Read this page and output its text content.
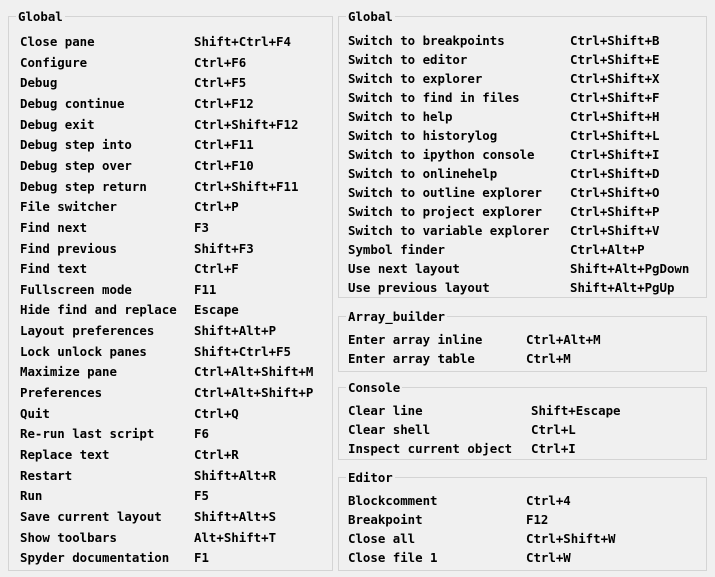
Global
Close pane	Shift+Ctrl+F4
Configure	Ctrl+F6
Debug	Ctrl+F5
Debug continue	Ctrl+F12
Debug exit	Ctrl+Shift+F12
Debug step into	Ctrl+F11
Debug step over	Ctrl+F10
Debug step return	Ctrl+Shift+F11
File switcher	Ctrl+P
Find next	F3
Find previous	Shift+F3
Find text	Ctrl+F
Fullscreen mode	F11
Hide find and replace Escape
Layout preferences	Shift+Alt+P
Lock unlock panes	Shift+Ctrl+F5
Maximize pane	Ctrl+Alt+Shift+M
Preferences	Ctrl+Alt+Shift+P
Quit	Ctrl+Q
Re-run last script	F6
Replace text	Ctrl+R
Restart	Shift+Alt+R
Run	F5
Save current layout	Shift+Alt+S
Show toolbars	Alt+Shift+T
Spyder documentation F1
Global
Switch to breakpoints	Ctrl+Shift+B
Switch to editor	Ctrl+Shift+E
Switch to explorer	Ctrl+Shift+X
Switch to find in files	Ctrl+Shift+F
Switch to help	Ctrl+Shift+H
Switch to historylog	Ctrl+Shift+L
Switch to ipython console	Ctrl+Shift+I
Switch to onlinehelp	Ctrl+Shift+D
Switch to outline explorer Ctrl+Shift+O
Switch to project explorer Ctrl+Shift+P
Switch to variable explorer Ctrl+Shift+V
Symbol finder	Ctrl+Alt+P
Use next layout	Shift+Alt+PgDown
Use previous layout	Shift+Alt+PgUp
Array_builder
Enter array inline	Ctrl+Alt+M
Enter array table	Ctrl+M
Console
Clear line	Shift+Escape
Clear shell	Ctrl+L
Inspect current object Ctrl+I
Editor
Blockcomment	Ctrl+4
Breakpoint	F12
Close all	Ctrl+Shift+W
Close file 1	Ctrl+W
